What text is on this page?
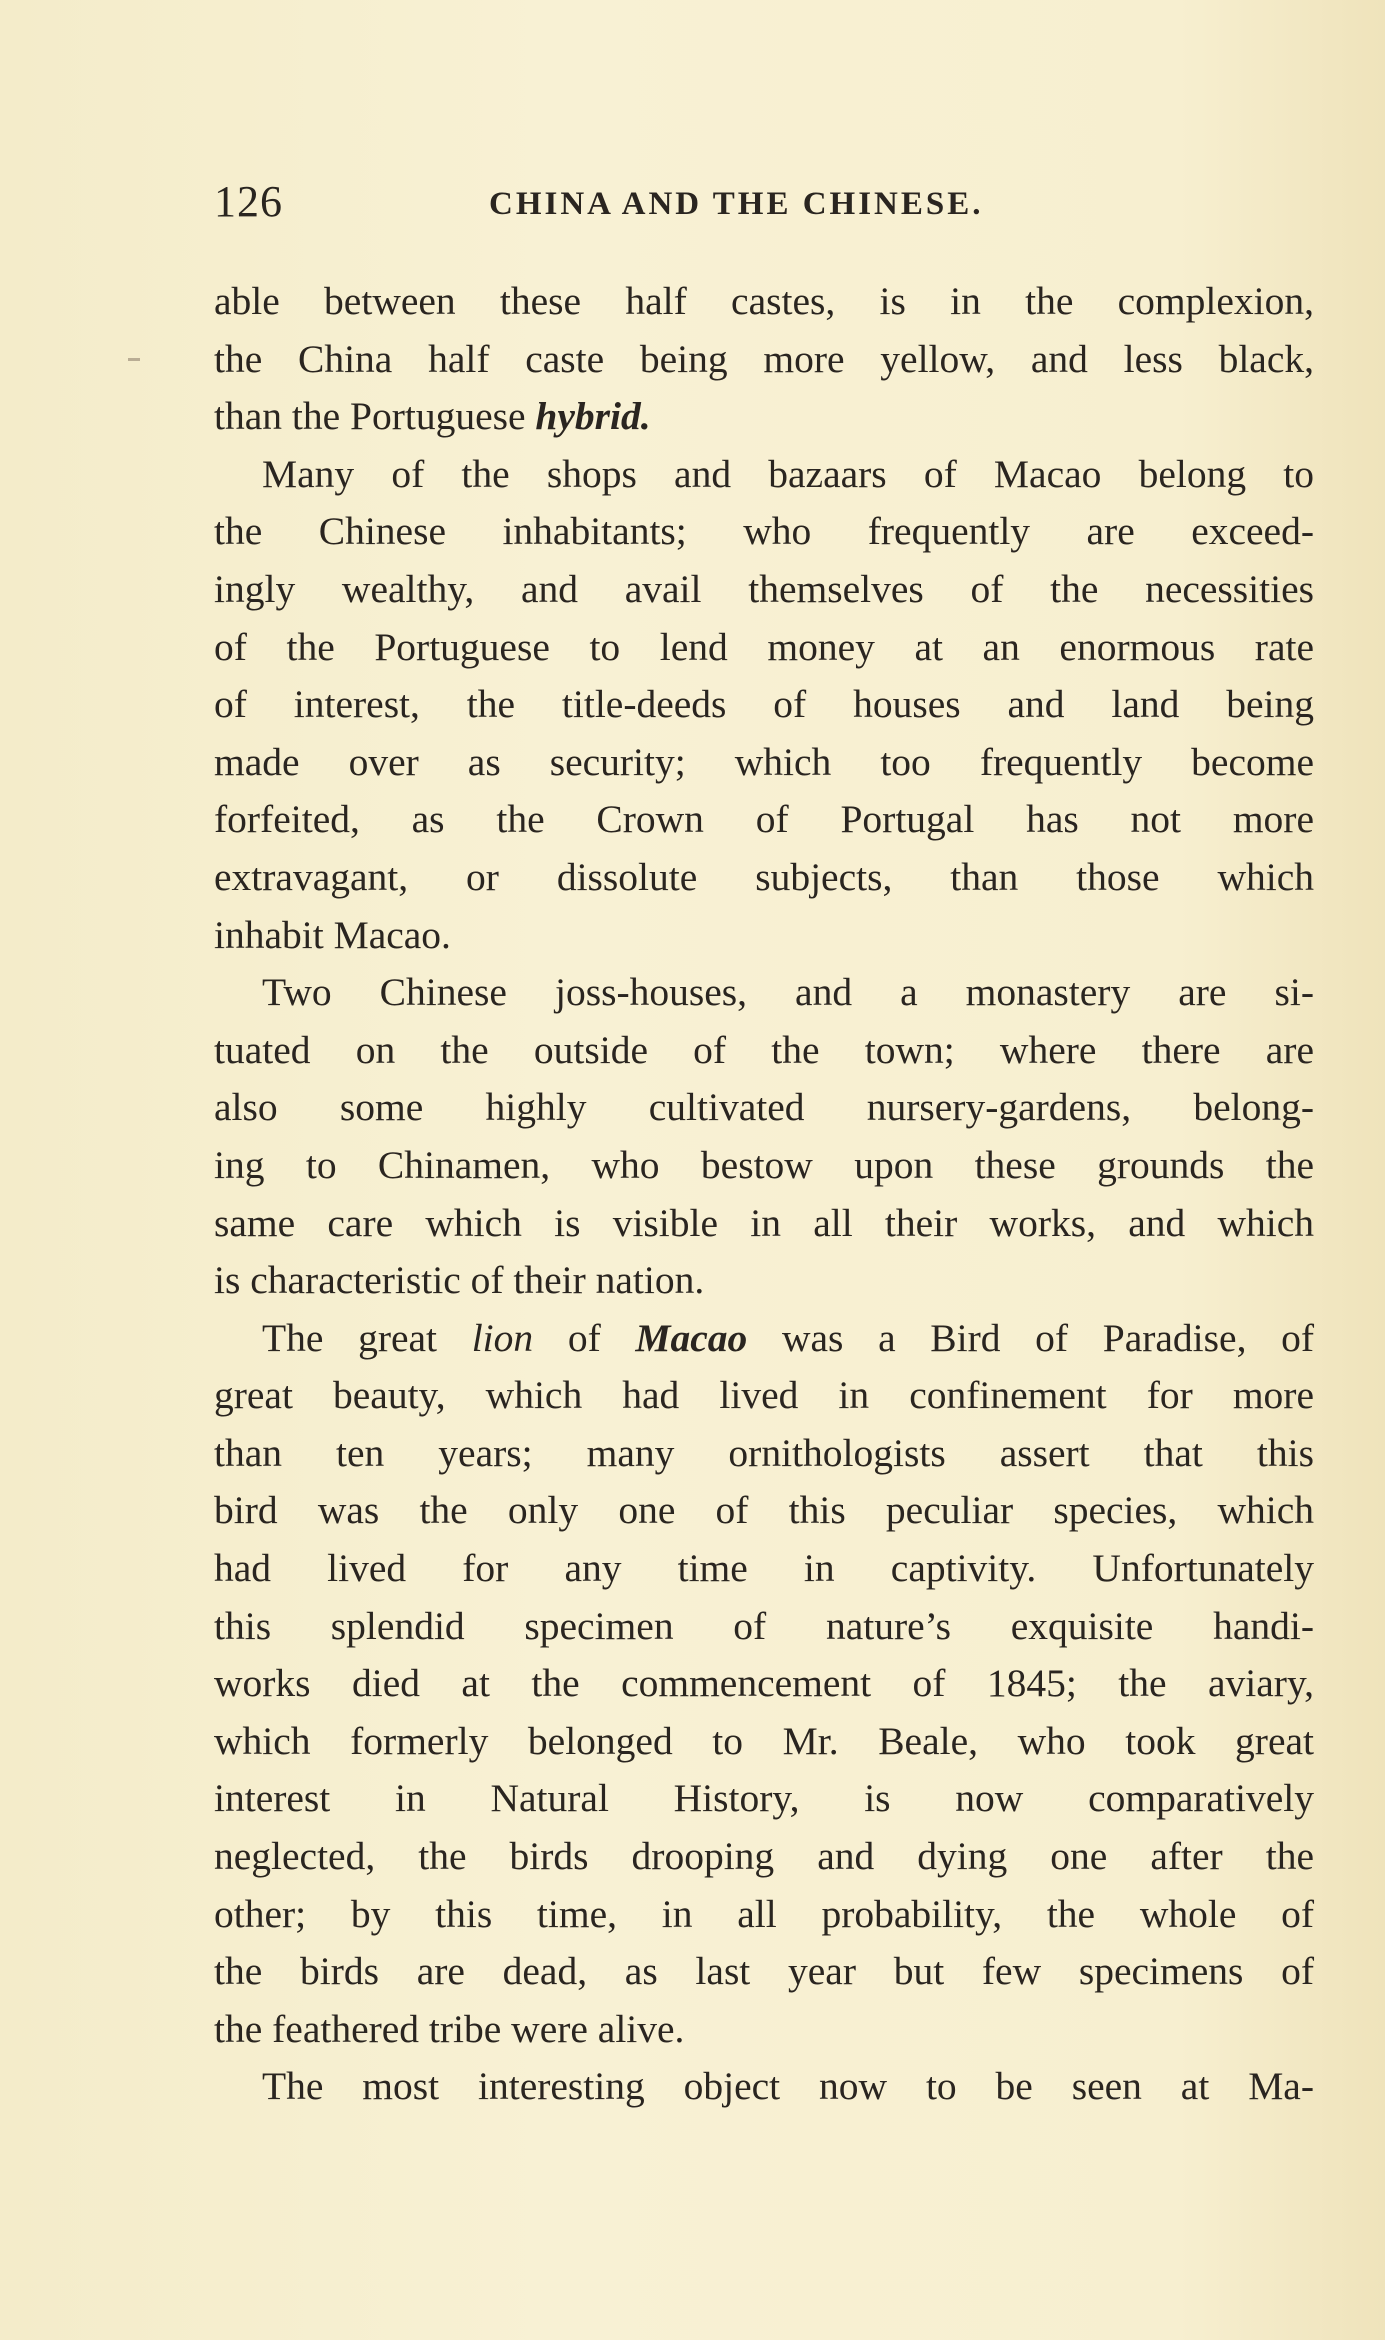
126	CHINA AND THE CHINESE.
able between these half castes, is in the complexion,
the China half caste being more yellow, and less black,
than the Portuguese hybrid.
Many of the shops and bazaars of Macao belong to
the Chinese inhabitants; who frequently are exceed-
ingly wealthy, and avail themselves of the necessities
of the Portuguese to lend money at an enormous rate
of interest, the title-deeds of houses and land being
made over as security; which too frequently become
forfeited, as the Crown of Portugal has not more
extravagant, or dissolute subjects, than those which
inhabit Macao.
Two Chinese joss-houses, and a monastery are si-
tuated on the outside of the town; where there are
also some highly cultivated nursery-gardens, belong-
ing to Chinamen, who bestow upon these grounds the
same care which is visible in all their works, and which
is characteristic of their nation.
The great lion of Macao was a Bird of Paradise, of
great beauty, which had lived in confinement for more
than ten years; many ornithologists assert that this
bird was the only one of this peculiar species, which
had lived for any time in captivity. Unfortunately
this splendid specimen of nature’s exquisite handi-
works died at the commencement of 1845; the aviary,
which formerly belonged to Mr. Beale, who took great
interest in Natural History, is now comparatively
neglected, the birds drooping and dying one after the
other; by this time, in all probability, the whole of
the birds are dead, as last year but few specimens of
the feathered tribe were alive.
The most interesting object now to be seen at Ma-
